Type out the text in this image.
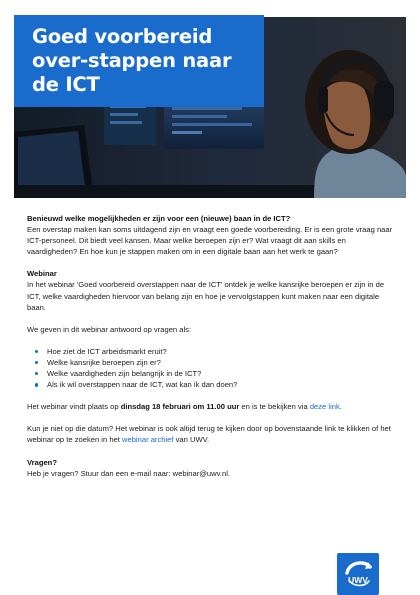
Goed voorbereid over-stappen naar de ICT

Benieuwd welke mogelijkheden er zijn voor een (nieuwe) baan in de ICT?

Een overstap maken kan soms uitdagend zijn en vraagt een goede voorbereiding. Er is een grote vraag naar ICT-personeel. Dit biedt veel kansen. Maar welke beroepen zijn er? Wat vraagt dit aan skills en vaardigheden? En hoe kun je stappen maken om in een digitale baan aan het werk te gaan?

Webinar

In het webinar 'Goed voorbereid overstappen naar de ICT' ontdek je welke kansrijke beroepen er zijn in de ICT, welke vaardigheden hiervoor van belang zijn en hoe je vervolgstappen kunt maken naar een digitale baan.

We geven in dit webinar antwoord op vragen als:

Hoe ziet de ICT arbeidsmarkt eruit?
Welke kansrijke beroepen zijn er?
Welke vaardigheden zijn belangrijk in de ICT?
Als ik wil overstappen naar de ICT, wat kan ik dan doen?

Het webinar vindt plaats op dinsdag 18 februari om 11.00 uur en is te bekijken via deze link.

Kun je niet op die datum? Het webinar is ook altijd terug te kijken door op bovenstaande link te klikken of het webinar op te zoeken in het webinar archief van UWV.

Vragen?

Heb je vragen? Stuur dan een e-mail naar: webinar@uwv.nl.

UWV
